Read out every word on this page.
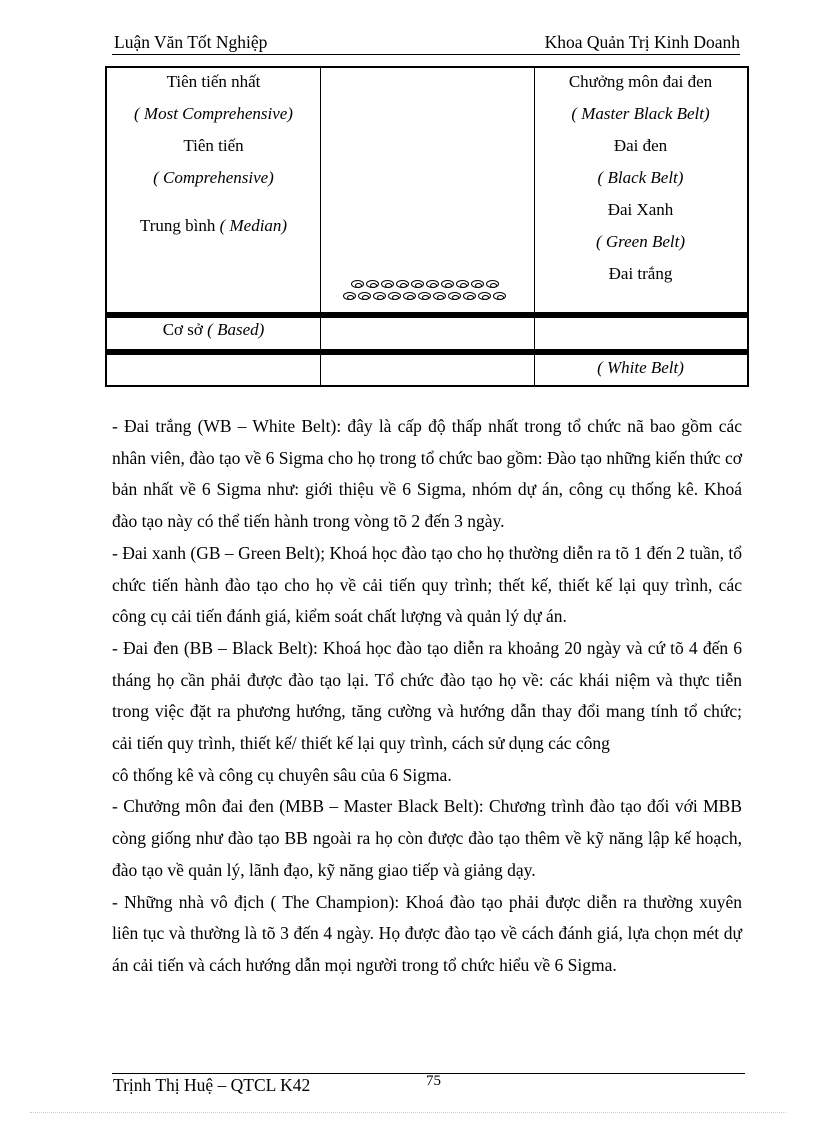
Luận Văn Tốt Nghiệp	Khoa Quản Trị Kinh Doanh
Tiên tiến nhất
( Most Comprehensive)
Tiên tiến
( Comprehensive)
Trung bình ( Median)
Cơ sở ( Based)
Chưởng môn đai đen
( Master Black Belt)
Đai đen
( Black Belt)
Đai Xanh
( Green Belt)
Đai trắng
( White Belt)

- Đai trắng (WB – White Belt): đây là cấp độ thấp nhất trong tổ chức nã bao gồm các nhân viên, đào tạo về 6 Sigma cho họ trong tổ chức bao gồm: Đào tạo những kiến thức cơ bản nhất về 6 Sigma như: giới thiệu về 6 Sigma, nhóm dự án, công cụ thống kê. Khoá đào tạo này có thể tiến hành trong vòng tõ 2 đến 3 ngày.

- Đai xanh (GB – Green Belt); Khoá học đào tạo cho họ thường diễn ra tõ 1 đến 2 tuần, tổ chức tiến hành đào tạo cho họ về cải tiến quy trình; thết kế, thiết kế lại quy trình, các công cụ cải tiến đánh giá, kiểm soát chất lượng và quản lý dự án.

- Đai đen (BB – Black Belt): Khoá học đào tạo diễn ra khoảng 20 ngày và cứ tõ 4 đến 6 tháng họ cần phải được đào tạo lại. Tổ chức đào tạo họ về: các khái niệm và thực tiễn trong việc đặt ra phương hướng, tăng cường và hướng dẫn thay đổi mang tính tổ chức; cải tiến quy trình, thiết kế/ thiết kế lại quy trình, cách sử dụng các công

cô thống kê và công cụ chuyên sâu của 6 Sigma.

- Chưởng môn đai đen (MBB – Master Black Belt): Chương trình đào tạo đối với MBB còng giống như đào tạo BB ngoài ra họ còn được đào tạo thêm về kỹ năng lập kế hoạch, đào tạo về quản lý, lãnh đạo, kỹ năng giao tiếp và giảng dạy.

- Những nhà vô địch ( The Champion): Khoá đào tạo phải được diễn ra thường xuyên liên tục và thường là tõ 3 đến 4 ngày. Họ được đào tạo về cách đánh giá, lựa chọn mét dự án cải tiến và cách hướng dẫn mọi người trong tổ chức hiểu về 6 Sigma.

Trịnh Thị Huệ – QTCL K42	75
